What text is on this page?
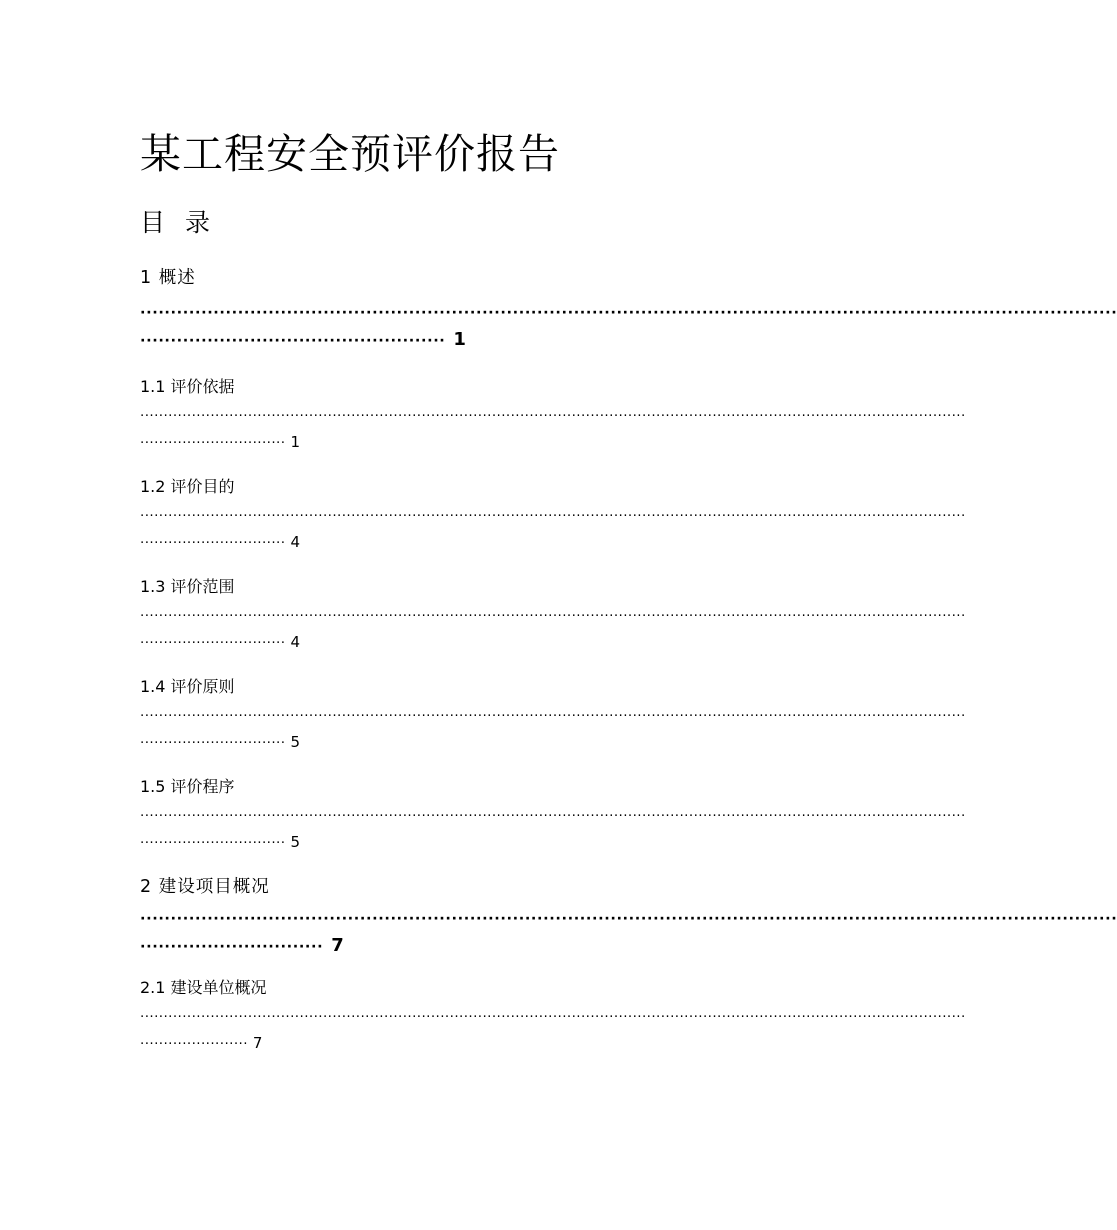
某工程安全预评价报告
目 录
1 概述
································································································································································
·················································· 1
1.1 评价依据
················································································································································································
······························· 1
1.2 评价目的
················································································································································································
······························· 4
1.3 评价范围
················································································································································································
······························· 4
1.4 评价原则
················································································································································································
······························· 5
1.5 评价程序
················································································································································································
······························· 5
2 建设项目概况
································································································································································
······························ 7
2.1 建设单位概况
················································································································································································
······················· 7
